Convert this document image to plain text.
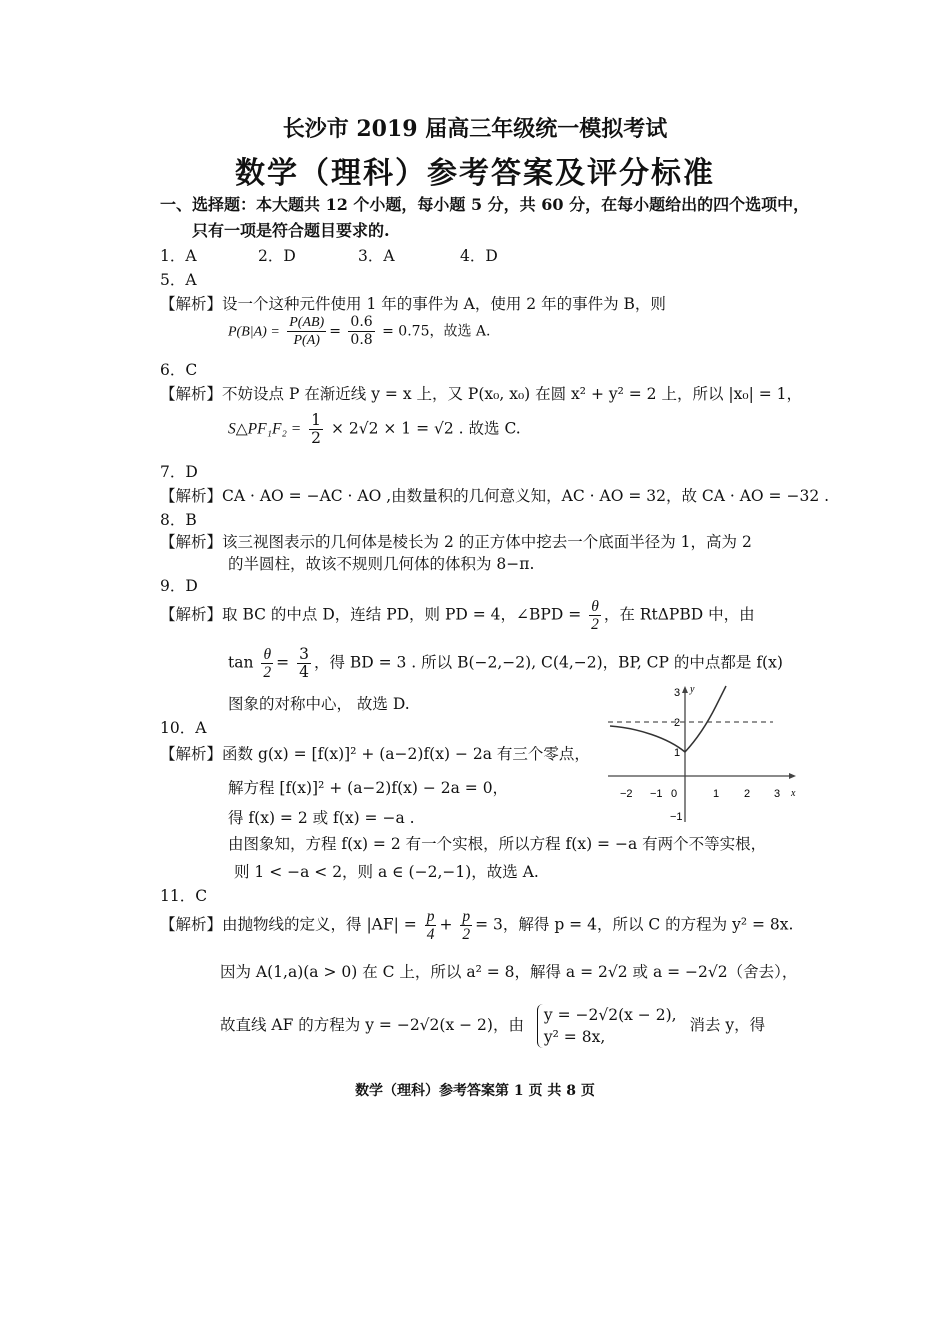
长沙市 2019 届高三年级统一模拟考试
数学（理科）参考答案及评分标准
一、选择题：本大题共 12 个小题，每小题 5 分，共 60 分，在每小题给出的四个选项中，
只有一项是符合题目要求的.
1．A	2．D	3．A	4．D
5．A
【解析】设一个这种元件使用 1 年的事件为 A，使用 2 年的事件为 B，则
$P(B|A) = \frac{P(AB)}{P(A)} = \frac{0.6}{0.8} = 0.75$，故选 A.
6．C
【解析】不妨设点 P 在渐近线 y = x 上，又 P(x₀, x₀) 在圆 x² + y² = 2 上，所以 |x₀| = 1，
S△PF₁F₂ = $\frac{1}{2} \times 2√2 \times 1 = √2$ . 故选 C.
7．D
【解析】CA · AO = −AC · AO ,由数量积的几何意义知，AC · AO = 32，故 CA · AO = −32 .
8．B
【解析】该三视图表示的几何体是棱长为 2 的正方体中挖去一个底面半径为 1，高为 2
的半圆柱，故该不规则几何体的体积为 8−π.
9．D
【解析】取 BC 的中点 D，连结 PD，则 PD = 4，∠BPD = $\frac{\theta}{2}$ ，在 RtΔPBD 中，由
$\tan \frac{\theta}{2} = \frac{3}{4}$ ，得 BD = 3 . 所以 B(−2,−2), C(4,−2)，BP, CP 的中点都是 f(x)
图象的对称中心， 故选 D.
10．A
【解析】函数 g(x) = [f(x)]² + (a−2)f(x) − 2a 有三个零点，
解方程 [f(x)]² + (a−2)f(x) − 2a = 0，
得 f(x) = 2 或 f(x) = −a .
由图象知，方程 f(x) = 2 有一个实根，所以方程 f(x) = −a 有两个不等实根，
则 1 < −a < 2，则 a ∈ (−2,−1)，故选 A.
−2 −1 0	1 2 3 x
3
2
1
−1
y
11．C
【解析】由抛物线的定义，得 $|AF| = \frac{p}{4} + \frac{p}{2} = 3$，解得 p = 4，所以 C 的方程为 y² = 8x.
因为 A(1,a)(a > 0) 在 C 上，所以 a² = 8，解得 a = 2√2 或 a = −2√2（舍去），
故直线 AF 的方程为 y = −2√2(x − 2)，由
y = −2√2(x − 2),
y² = 8x,
消去 y，得
数学（理科）参考答案第 1 页 共 8 页
